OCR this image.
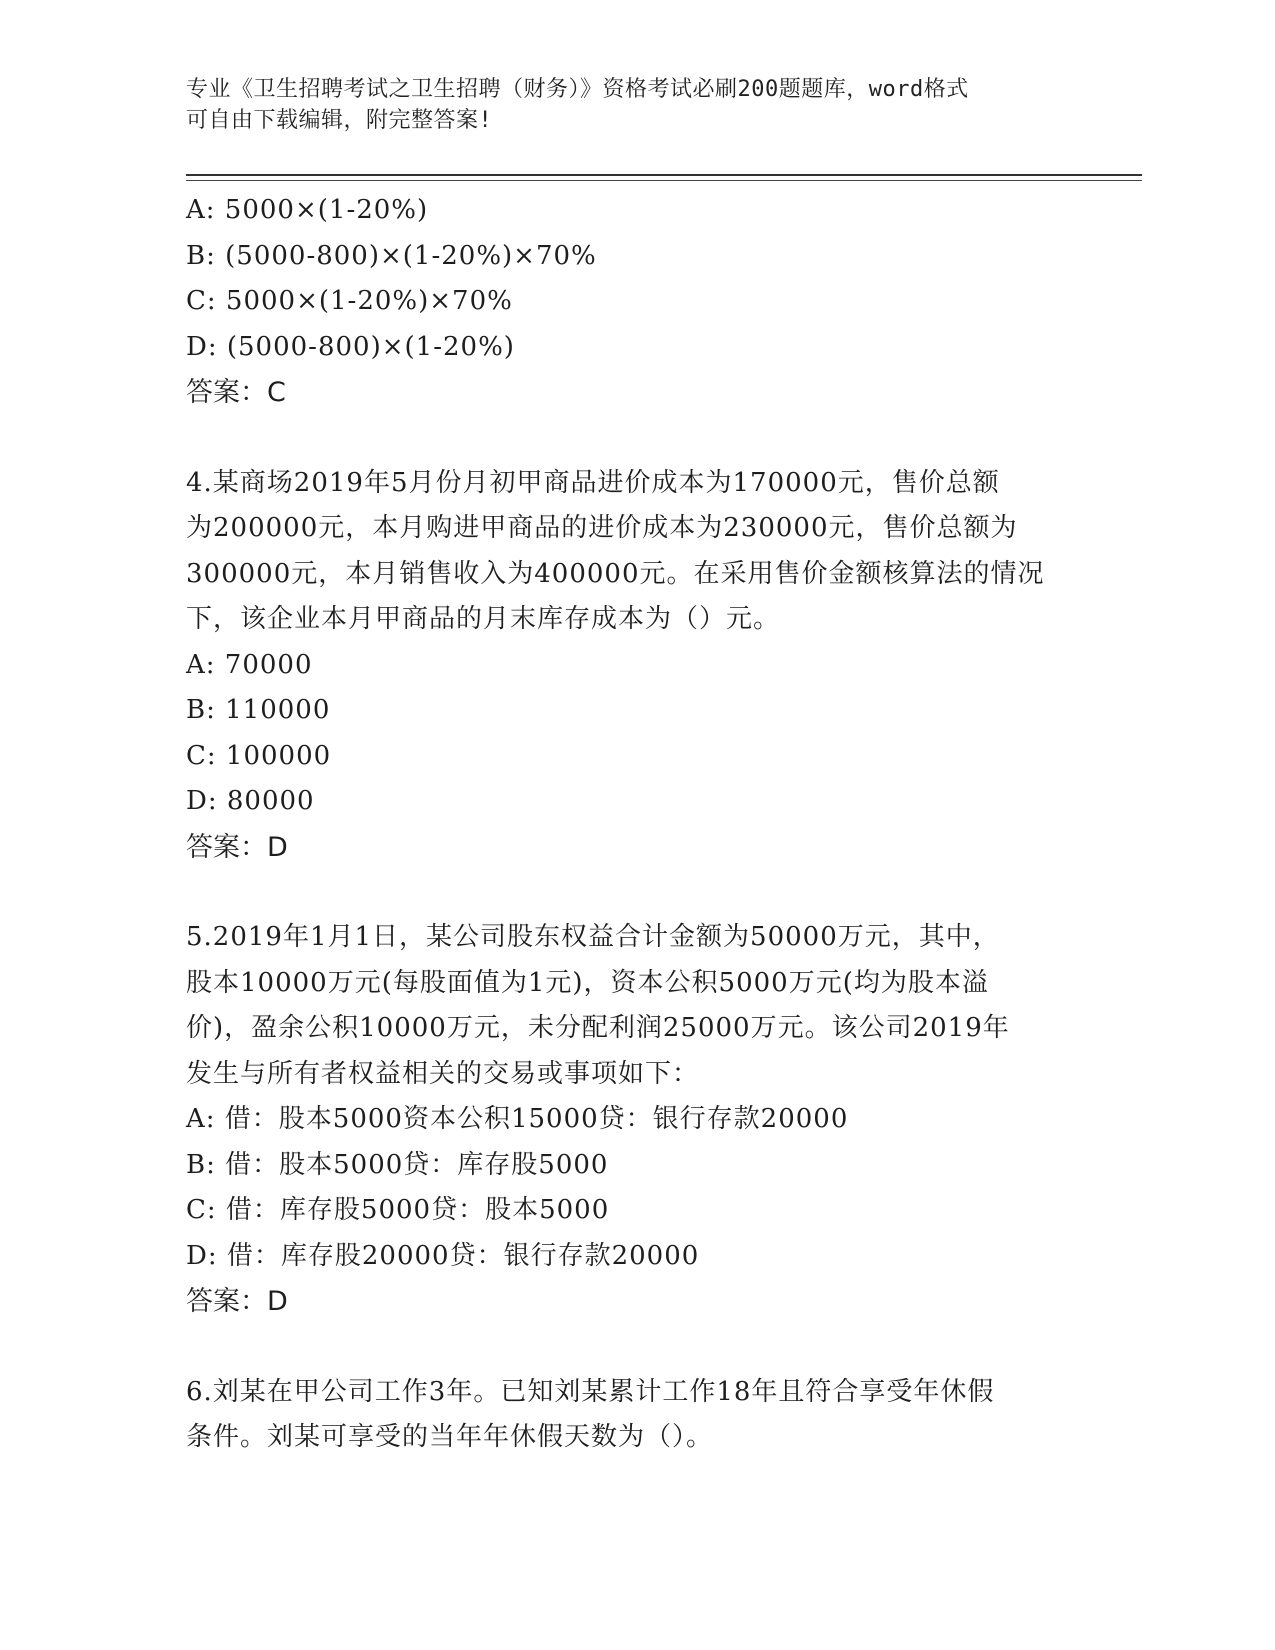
专业《卫生招聘考试之卫生招聘（财务）》资格考试必刷200题题库，word格式
可自由下载编辑，附完整答案!
A: 5000×(1-20%)
B: (5000-800)×(1-20%)×70%
C: 5000×(1-20%)×70%
D: (5000-800)×(1-20%)
答案：C
4.某商场2019年5月份月初甲商品进价成本为170000元，售价总额
为200000元，本月购进甲商品的进价成本为230000元，售价总额为
300000元，本月销售收入为400000元。在采用售价金额核算法的情况
下，该企业本月甲商品的月末库存成本为（）元。
A: 70000
B: 110000
C: 100000
D: 80000
答案：D
5.2019年1月1日，某公司股东权益合计金额为50000万元，其中，
股本10000万元(每股面值为1元)，资本公积5000万元(均为股本溢
价)，盈余公积10000万元，未分配利润25000万元。该公司2019年
发生与所有者权益相关的交易或事项如下：
A: 借：股本5000资本公积15000贷：银行存款20000
B: 借：股本5000贷：库存股5000
C: 借：库存股5000贷：股本5000
D: 借：库存股20000贷：银行存款20000
答案：D
6.刘某在甲公司工作3年。已知刘某累计工作18年且符合享受年休假
条件。刘某可享受的当年年休假天数为（）。
